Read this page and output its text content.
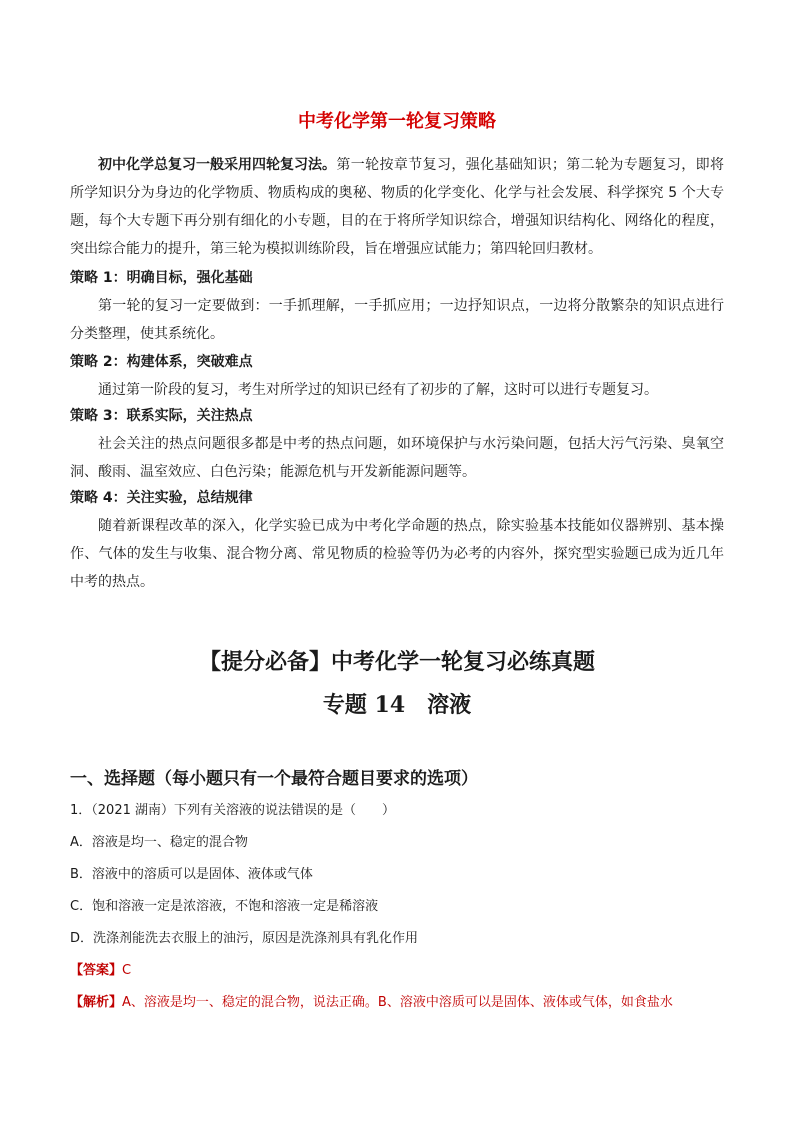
中考化学第一轮复习策略

初中化学总复习一般采用四轮复习法。第一轮按章节复习，强化基础知识；第二轮为专题复习，即将所学知识分为身边的化学物质、物质构成的奥秘、物质的化学变化、化学与社会发展、科学探究 5 个大专题，每个大专题下再分别有细化的小专题，目的在于将所学知识综合，增强知识结构化、网络化的程度，突出综合能力的提升，第三轮为模拟训练阶段，旨在增强应试能力；第四轮回归教材。

策略 1：明确目标，强化基础

第一轮的复习一定要做到：一手抓理解，一手抓应用；一边抒知识点，一边将分散繁杂的知识点进行分类整理，使其系统化。

策略 2：构建体系，突破难点

通过第一阶段的复习，考生对所学过的知识已经有了初步的了解，这时可以进行专题复习。

策略 3：联系实际，关注热点

社会关注的热点问题很多都是中考的热点问题，如环境保护与水污染问题，包括大污气污染、臭氧空洞、酸雨、温室效应、白色污染；能源危机与开发新能源问题等。

策略 4：关注实验，总结规律

随着新课程改革的深入，化学实验已成为中考化学命题的热点，除实验基本技能如仪器辨别、基本操作、气体的发生与收集、混合物分离、常见物质的检验等仍为必考的内容外，探究型实验题已成为近几年中考的热点。

【提分必备】中考化学一轮复习必练真题
专题 14　溶液
一、选择题（每小题只有一个最符合题目要求的选项）
1．（2021 湖南）下列有关溶液的说法错误的是（　　）
A．溶液是均一、稳定的混合物
B．溶液中的溶质可以是固体、液体或气体
C．饱和溶液一定是浓溶液，不饱和溶液一定是稀溶液
D．洗涤剂能洗去衣服上的油污，原因是洗涤剂具有乳化作用
【答案】C
【解析】A、溶液是均一、稳定的混合物，说法正确。B、溶液中溶质可以是固体、液体或气体，如食盐水
